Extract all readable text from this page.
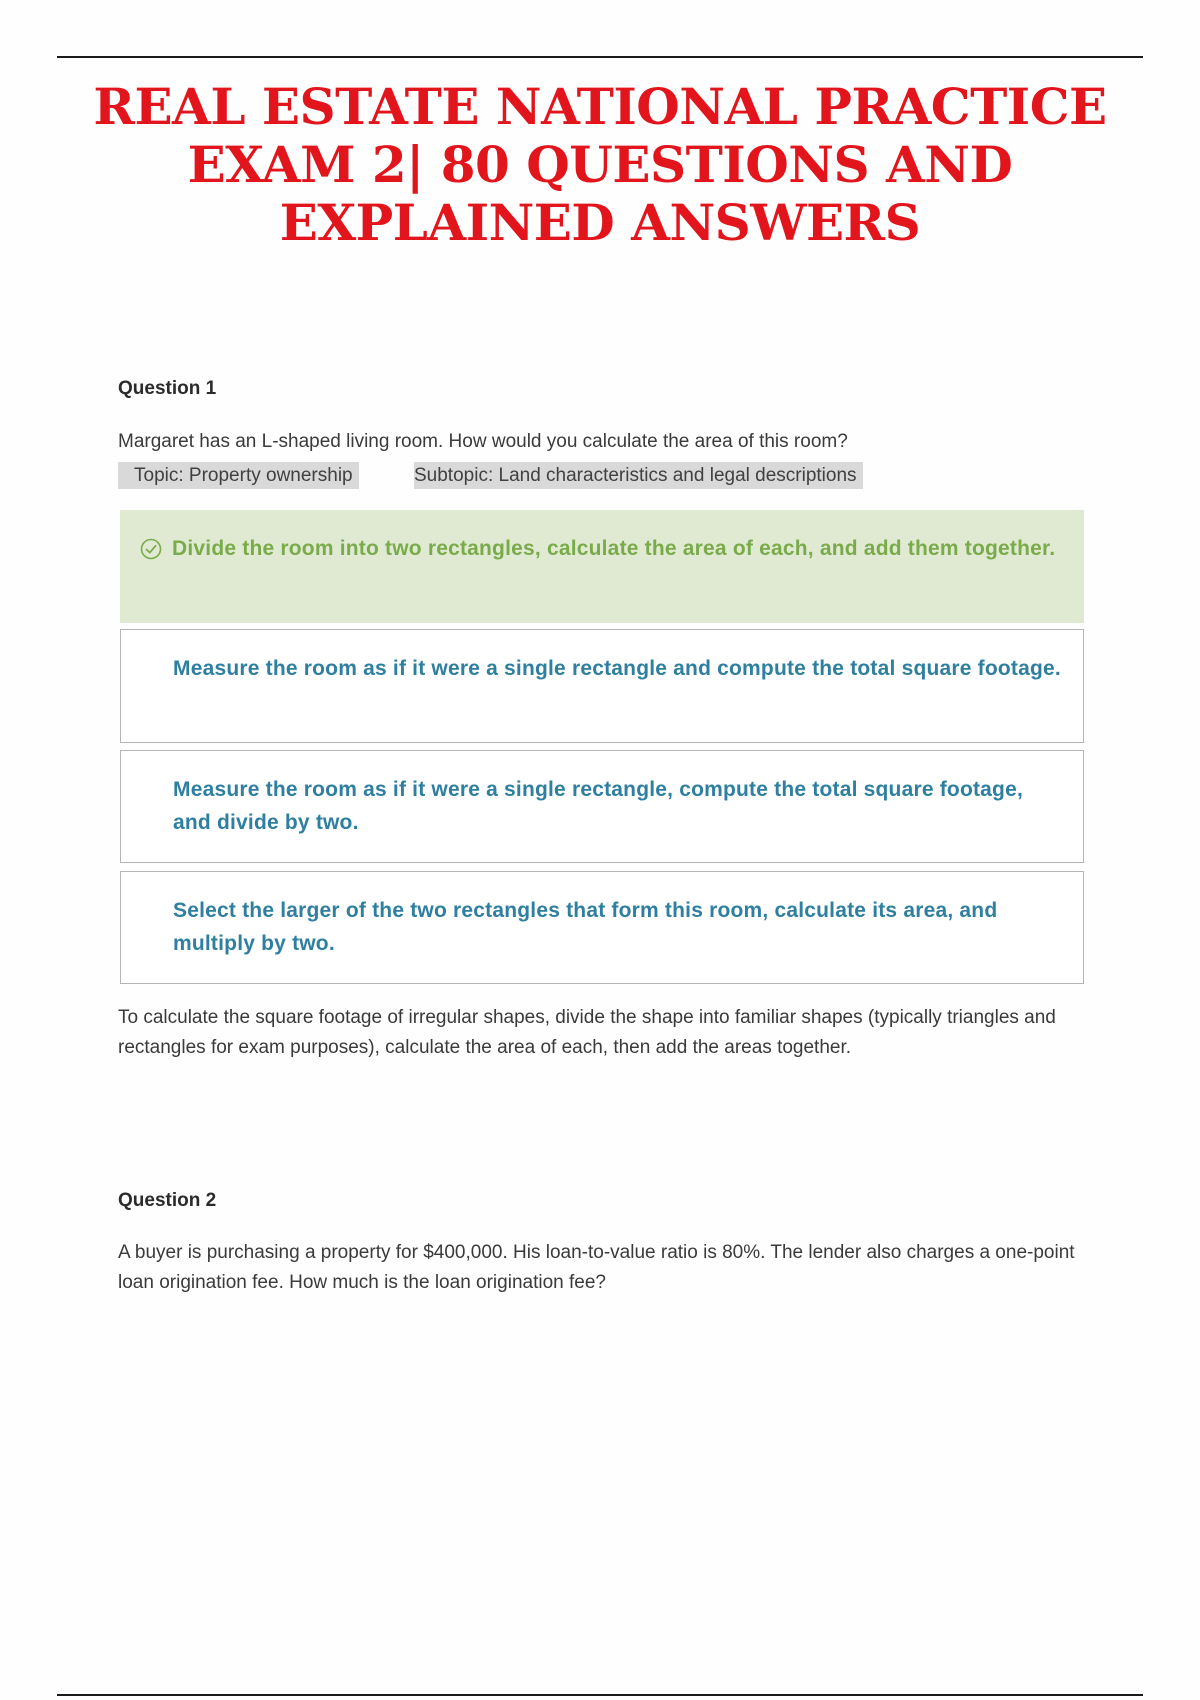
REAL ESTATE NATIONAL PRACTICE EXAM 2| 80 QUESTIONS AND EXPLAINED ANSWERS
Question 1
Margaret has an L-shaped living room. How would you calculate the area of this room?
Topic: Property ownership	Subtopic: Land characteristics and legal descriptions
Divide the room into two rectangles, calculate the area of each, and add them together.
Measure the room as if it were a single rectangle and compute the total square footage.
Measure the room as if it were a single rectangle, compute the total square footage, and divide by two.
Select the larger of the two rectangles that form this room, calculate its area, and multiply by two.
To calculate the square footage of irregular shapes, divide the shape into familiar shapes (typically triangles and rectangles for exam purposes), calculate the area of each, then add the areas together.
Question 2
A buyer is purchasing a property for $400,000. His loan-to-value ratio is 80%. The lender also charges a one-point loan origination fee. How much is the loan origination fee?
